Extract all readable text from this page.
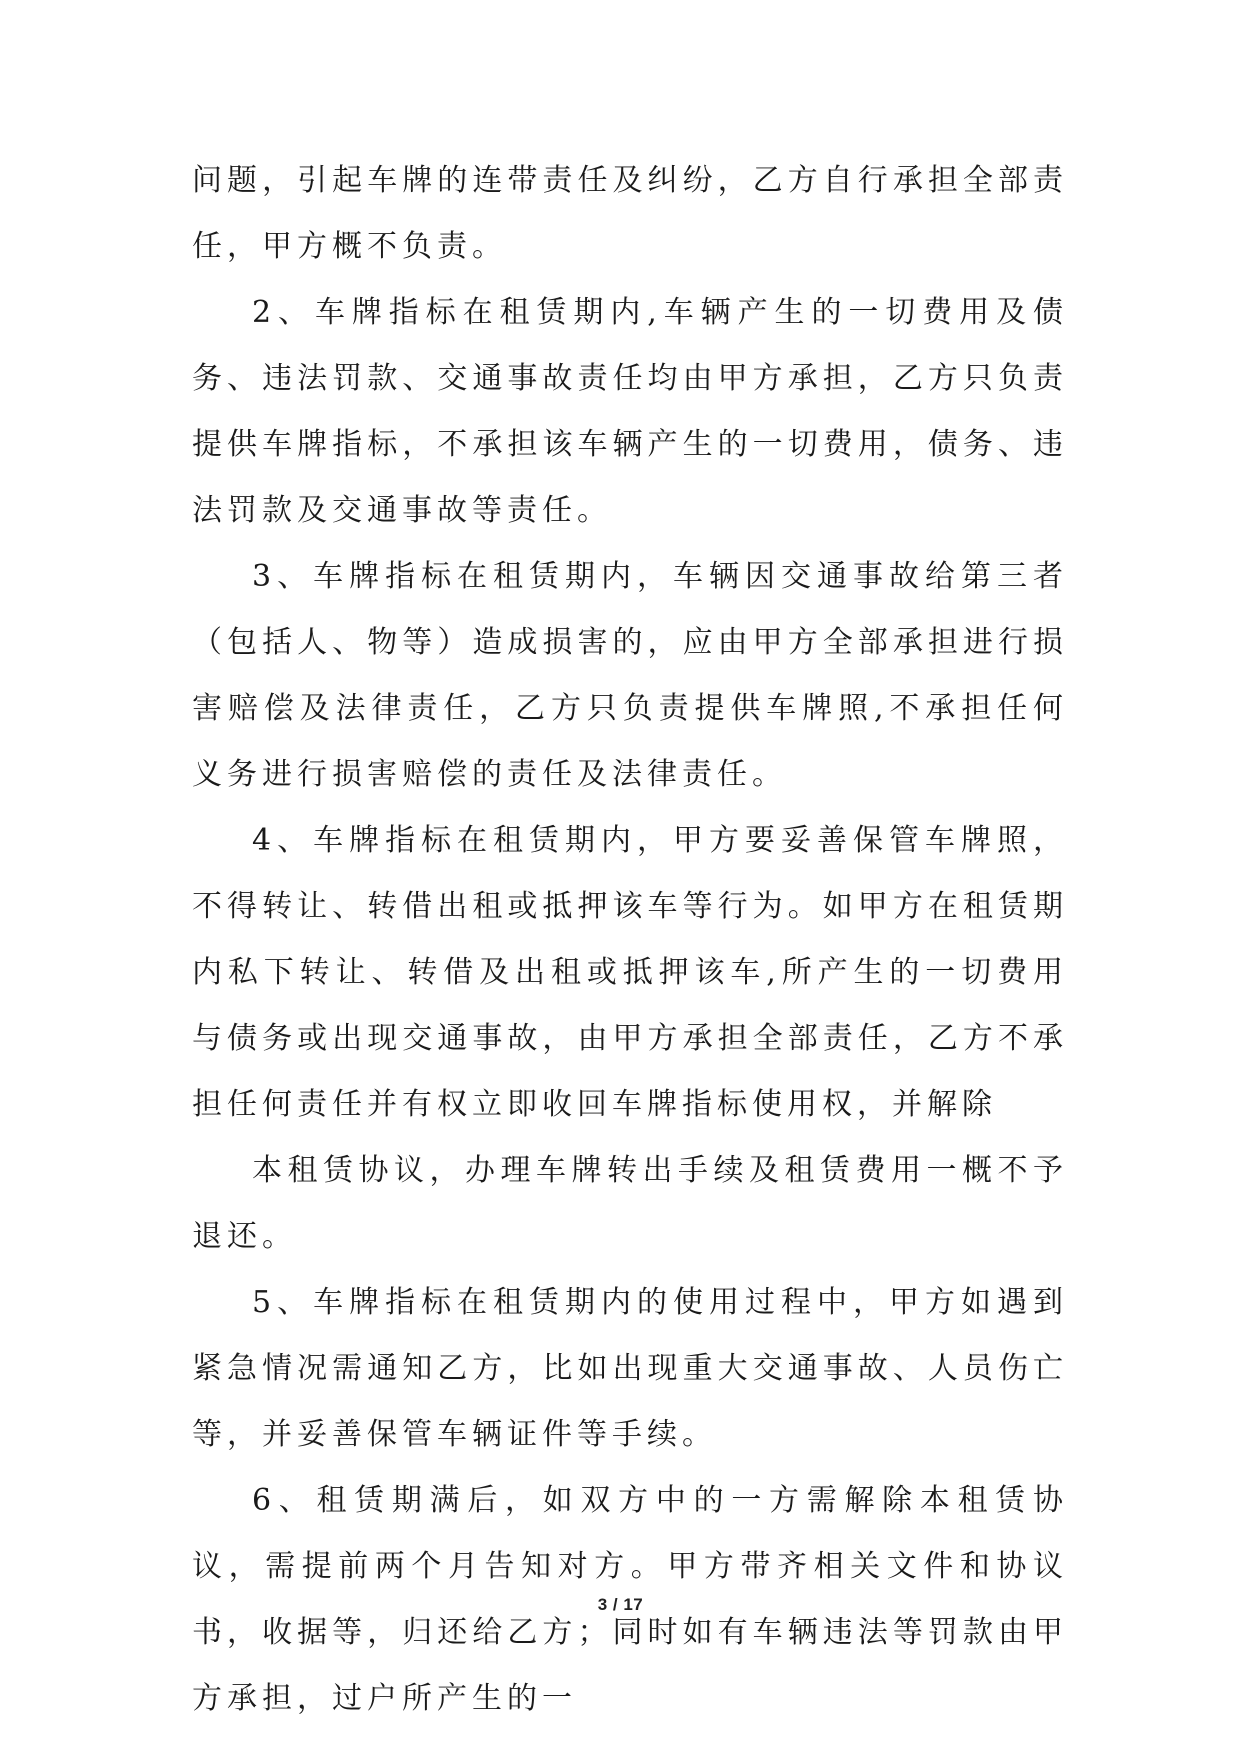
问题，引起车牌的连带责任及纠纷，乙方自行承担全部责任，甲方概不负责。

2、车牌指标在租赁期内,车辆产生的一切费用及债务、违法罚款、交通事故责任均由甲方承担，乙方只负责提供车牌指标，不承担该车辆产生的一切费用，债务、违法罚款及交通事故等责任。

3、车牌指标在租赁期内，车辆因交通事故给第三者（包括人、物等）造成损害的，应由甲方全部承担进行损害赔偿及法律责任，乙方只负责提供车牌照,不承担任何义务进行损害赔偿的责任及法律责任。

4、车牌指标在租赁期内，甲方要妥善保管车牌照，不得转让、转借出租或抵押该车等行为。如甲方在租赁期内私下转让、转借及出租或抵押该车,所产生的一切费用与债务或出现交通事故，由甲方承担全部责任，乙方不承担任何责任并有权立即收回车牌指标使用权，并解除

本租赁协议，办理车牌转出手续及租赁费用一概不予退还。

5、车牌指标在租赁期内的使用过程中，甲方如遇到紧急情况需通知乙方，比如出现重大交通事故、人员伤亡等，并妥善保管车辆证件等手续。

6、租赁期满后，如双方中的一方需解除本租赁协议，需提前两个月告知对方。甲方带齐相关文件和协议书，收据等，归还给乙方；同时如有车辆违法等罚款由甲方承担，过户所产生的一

3 / 17
